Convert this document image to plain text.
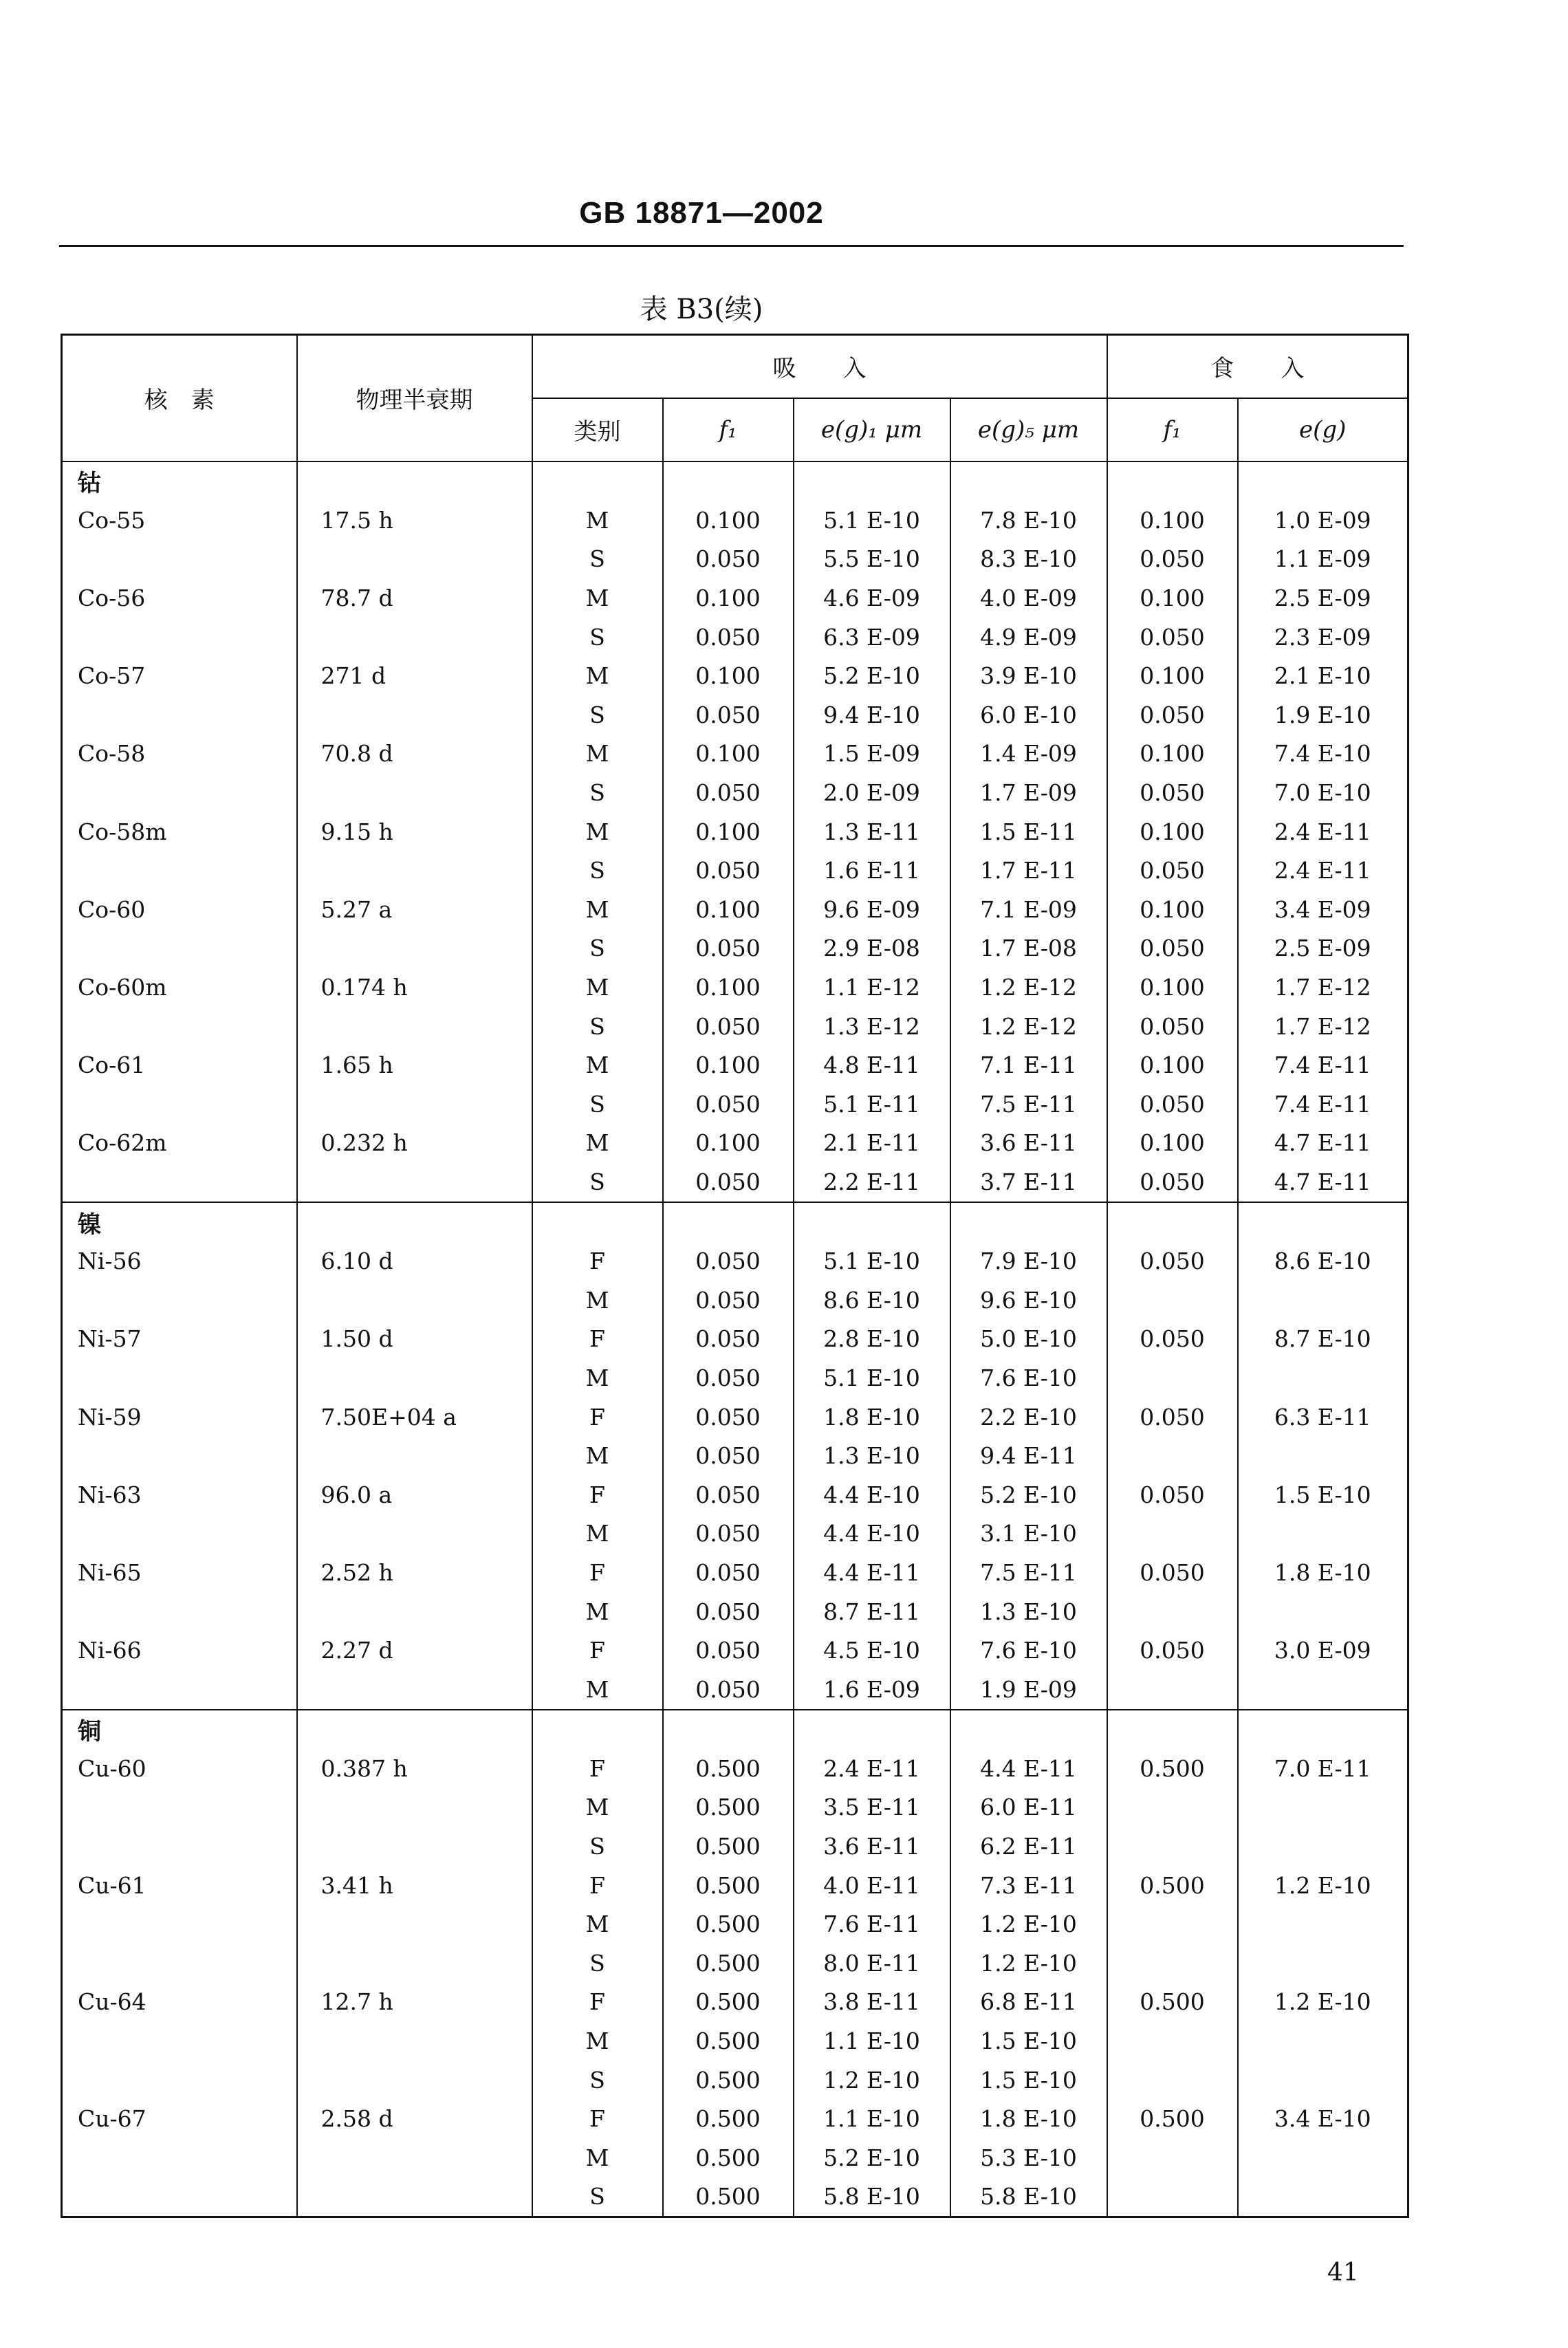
GB 18871—2002
表 B3(续)
核　素	物理半衰期	吸　　入				食　　入	
		类别	f₁	e(g)₁ μm	e(g)₅ μm	f₁	e(g)
钴							
Co-55	17.5 h	M	0.100	5.1 E-10	7.8 E-10	0.100	1.0 E-09
		S	0.050	5.5 E-10	8.3 E-10	0.050	1.1 E-09
Co-56	78.7 d	M	0.100	4.6 E-09	4.0 E-09	0.100	2.5 E-09
		S	0.050	6.3 E-09	4.9 E-09	0.050	2.3 E-09
Co-57	271 d	M	0.100	5.2 E-10	3.9 E-10	0.100	2.1 E-10
		S	0.050	9.4 E-10	6.0 E-10	0.050	1.9 E-10
Co-58	70.8 d	M	0.100	1.5 E-09	1.4 E-09	0.100	7.4 E-10
		S	0.050	2.0 E-09	1.7 E-09	0.050	7.0 E-10
Co-58m	9.15 h	M	0.100	1.3 E-11	1.5 E-11	0.100	2.4 E-11
		S	0.050	1.6 E-11	1.7 E-11	0.050	2.4 E-11
Co-60	5.27 a	M	0.100	9.6 E-09	7.1 E-09	0.100	3.4 E-09
		S	0.050	2.9 E-08	1.7 E-08	0.050	2.5 E-09
Co-60m	0.174 h	M	0.100	1.1 E-12	1.2 E-12	0.100	1.7 E-12
		S	0.050	1.3 E-12	1.2 E-12	0.050	1.7 E-12
Co-61	1.65 h	M	0.100	4.8 E-11	7.1 E-11	0.100	7.4 E-11
		S	0.050	5.1 E-11	7.5 E-11	0.050	7.4 E-11
Co-62m	0.232 h	M	0.100	2.1 E-11	3.6 E-11	0.100	4.7 E-11
		S	0.050	2.2 E-11	3.7 E-11	0.050	4.7 E-11
镍							
Ni-56	6.10 d	F	0.050	5.1 E-10	7.9 E-10	0.050	8.6 E-10
		M	0.050	8.6 E-10	9.6 E-10		
Ni-57	1.50 d	F	0.050	2.8 E-10	5.0 E-10	0.050	8.7 E-10
		M	0.050	5.1 E-10	7.6 E-10		
Ni-59	7.50E+04 a	F	0.050	1.8 E-10	2.2 E-10	0.050	6.3 E-11
		M	0.050	1.3 E-10	9.4 E-11		
Ni-63	96.0 a	F	0.050	4.4 E-10	5.2 E-10	0.050	1.5 E-10
		M	0.050	4.4 E-10	3.1 E-10		
Ni-65	2.52 h	F	0.050	4.4 E-11	7.5 E-11	0.050	1.8 E-10
		M	0.050	8.7 E-11	1.3 E-10		
Ni-66	2.27 d	F	0.050	4.5 E-10	7.6 E-10	0.050	3.0 E-09
		M	0.050	1.6 E-09	1.9 E-09		
铜							
Cu-60	0.387 h	F	0.500	2.4 E-11	4.4 E-11	0.500	7.0 E-11
		M	0.500	3.5 E-11	6.0 E-11		
		S	0.500	3.6 E-11	6.2 E-11		
Cu-61	3.41 h	F	0.500	4.0 E-11	7.3 E-11	0.500	1.2 E-10
		M	0.500	7.6 E-11	1.2 E-10		
		S	0.500	8.0 E-11	1.2 E-10		
Cu-64	12.7 h	F	0.500	3.8 E-11	6.8 E-11	0.500	1.2 E-10
		M	0.500	1.1 E-10	1.5 E-10		
		S	0.500	1.2 E-10	1.5 E-10		
Cu-67	2.58 d	F	0.500	1.1 E-10	1.8 E-10	0.500	3.4 E-10
		M	0.500	5.2 E-10	5.3 E-10		
		S	0.500	5.8 E-10	5.8 E-10		
41
